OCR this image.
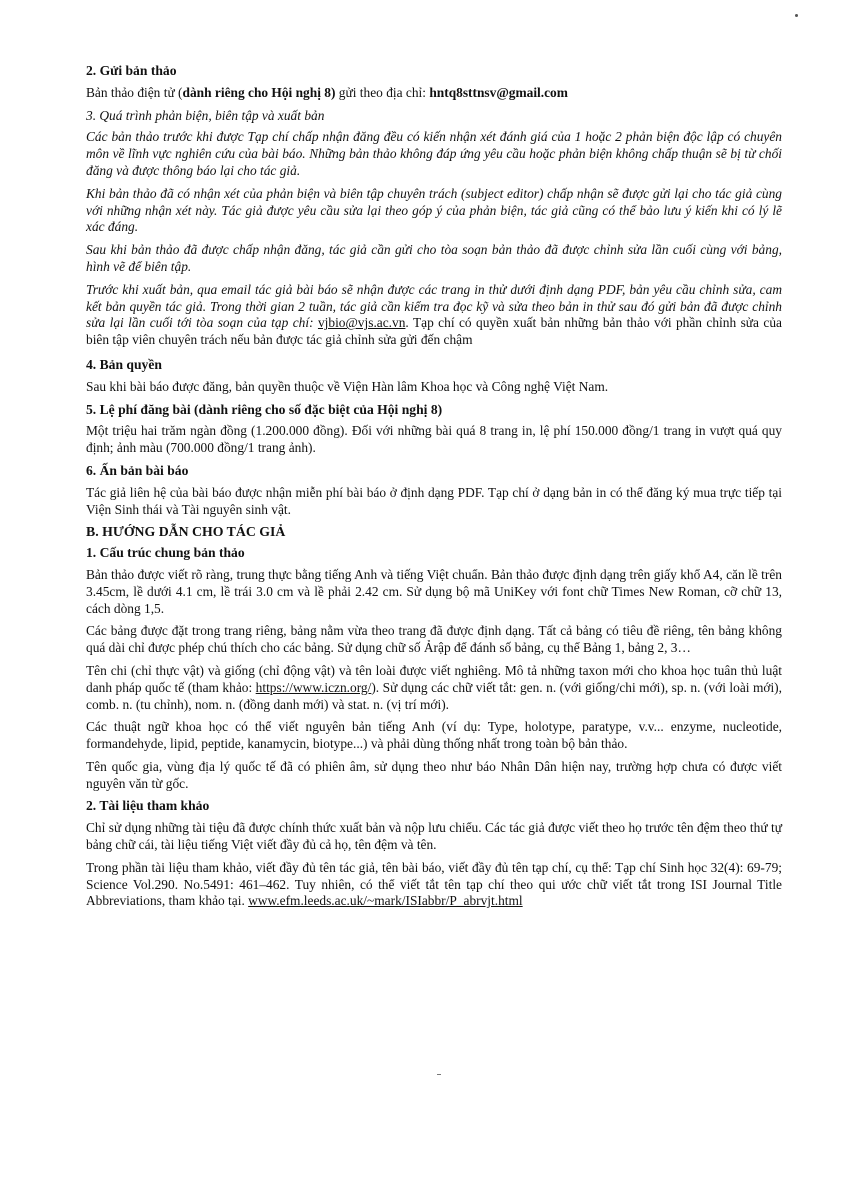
2. Gửi bản thảo

Bản thảo điện tử (dành riêng cho Hội nghị 8) gửi theo địa chỉ: hntq8sttnsv@gmail.com

3. Quá trình phản biện, biên tập và xuất bản

Các bản thảo trước khi được Tạp chí chấp nhận đăng đều có kiến nhận xét đánh giá của 1 hoặc 2 phản biện độc lập có chuyên môn về lĩnh vực nghiên cứu của bài báo. Những bản thảo không đáp ứng yêu cầu hoặc phản biện không chấp thuận sẽ bị từ chối đăng và được thông báo lại cho tác giả.

Khi bản thảo đã có nhận xét của phản biện và biên tập chuyên trách (subject editor) chấp nhận sẽ được gửi lại cho tác giả cùng với những nhận xét này. Tác giả được yêu cầu sửa lại theo góp ý của phản biện, tác giả cũng có thể bảo lưu ý kiến khi có lý lẽ xác đáng.

Sau khi bản thảo đã được chấp nhận đăng, tác giả cần gửi cho tòa soạn bản thảo đã được chỉnh sửa lần cuối cùng với bảng, hình vẽ để biên tập.

Trước khi xuất bản, qua email tác giả bài báo sẽ nhận được các trang in thử dưới định dạng PDF, bản yêu cầu chỉnh sửa, cam kết bản quyền tác giả. Trong thời gian 2 tuần, tác giả cần kiểm tra đọc kỹ và sửa theo bản in thử sau đó gửi bản đã được chỉnh sửa lại lần cuối tới tòa soạn của tạp chí: vjbio@vjs.ac.vn. Tạp chí có quyền xuất bản những bản thảo với phần chỉnh sửa của biên tập viên chuyên trách nếu bản được tác giả chỉnh sửa gửi đến chậm

4. Bản quyền

Sau khi bài báo được đăng, bản quyền thuộc về Viện Hàn lâm Khoa học và Công nghệ Việt Nam.

5. Lệ phí đăng bài (dành riêng cho số đặc biệt của Hội nghị 8)

Một triệu hai trăm ngàn đồng (1.200.000 đồng). Đối với những bài quá 8 trang in, lệ phí 150.000 đồng/1 trang in vượt quá quy định; ảnh màu (700.000 đồng/1 trang ảnh).

6. Ấn bản bài báo

Tác giả liên hệ của bài báo được nhận miễn phí bài báo ở định dạng PDF. Tạp chí ở dạng bản in có thể đăng ký mua trực tiếp tại Viện Sinh thái và Tài nguyên sinh vật.

B. HƯỚNG DẪN CHO TÁC GIẢ
1. Cấu trúc chung bản thảo

Bản thảo được viết rõ ràng, trung thực bằng tiếng Anh và tiếng Việt chuẩn. Bản thảo được định dạng trên giấy khổ A4, căn lề trên 3.45cm, lề dưới 4.1 cm, lề trái 3.0 cm và lề phải 2.42 cm. Sử dụng bộ mã UniKey với font chữ Times New Roman, cỡ chữ 13, cách dòng 1,5.

Các bảng được đặt trong trang riêng, bảng nằm vừa theo trang đã được định dạng. Tất cả bảng có tiêu đề riêng, tên bảng không quá dài chỉ được phép chú thích cho các bảng. Sử dụng chữ số Ảrập để đánh số bảng, cụ thể Bảng 1, bảng 2, 3…

Tên chi (chỉ thực vật) và giống (chỉ động vật) và tên loài được viết nghiêng. Mô tả những taxon mới cho khoa học tuân thủ luật danh pháp quốc tế (tham khảo: https://www.iczn.org/). Sử dụng các chữ viết tắt: gen. n. (với giống/chi mới), sp. n. (với loài mới), comb. n. (tu chỉnh), nom. n. (đồng danh mới) và stat. n. (vị trí mới).

Các thuật ngữ khoa học có thể viết nguyên bản tiếng Anh (ví dụ: Type, holotype, paratype, v.v... enzyme, nucleotide, formandehyde, lipid, peptide, kanamycin, biotype...) và phải dùng thống nhất trong toàn bộ bản thảo.

Tên quốc gia, vùng địa lý quốc tế đã có phiên âm, sử dụng theo như báo Nhân Dân hiện nay, trường hợp chưa có được viết nguyên văn từ gốc.

2. Tài liệu tham khảo

Chỉ sử dụng những tài tiệu đã được chính thức xuất bản và nộp lưu chiểu. Các tác giả được viết theo họ trước tên đệm theo thứ tự bảng chữ cái, tài liệu tiếng Việt viết đầy đủ cả họ, tên đệm và tên.

Trong phần tài liệu tham khảo, viết đầy đủ tên tác giả, tên bài báo, viết đầy đủ tên tạp chí, cụ thể: Tạp chí Sinh học 32(4): 69-79; Science Vol.290. No.5491: 461–462. Tuy nhiên, có thể viết tắt tên tạp chí theo qui ước chữ viết tắt trong ISI Journal Title Abbreviations, tham khảo tại. www.efm.leeds.ac.uk/~mark/ISIabbr/P_abrvjt.html
